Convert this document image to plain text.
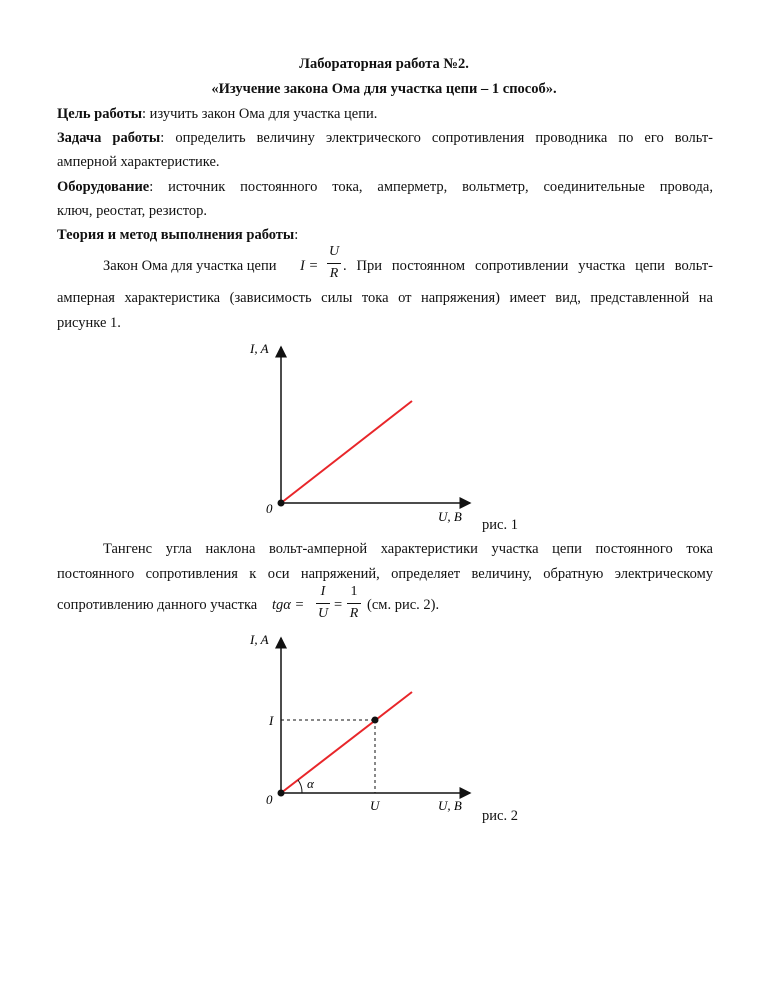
Лабораторная работа №2.
«Изучение закона Ома для участка цепи – 1 способ».
Цель работы: изучить закон Ома для участка цепи.
Задача работы: определить величину электрического сопротивления проводника по его вольт-
амперной характеристике.
Оборудование: источник постоянного тока, амперметр, вольтметр, соединительные провода,
ключ, реостат, резистор.
Теория и метод выполнения работы:
Закон Ома для участка цепи I =
U
R . При постоянном сопротивлении участка цепи вольт-
амперная характеристика (зависимость силы тока от напряжения) имеет вид, представленной на
рисунке 1.
I, A
U, B
0
рис. 1
Тангенс угла наклона вольт-амперной характеристики участка цепи постоянного тока
постоянного сопротивления к оси напряжений, определяет величину, обратную электрическому
сопротивлению данного участка tgα =
I
U
=
1
R
(см. рис. 2).
I, A
U, B
0
I
U
α
рис. 2
